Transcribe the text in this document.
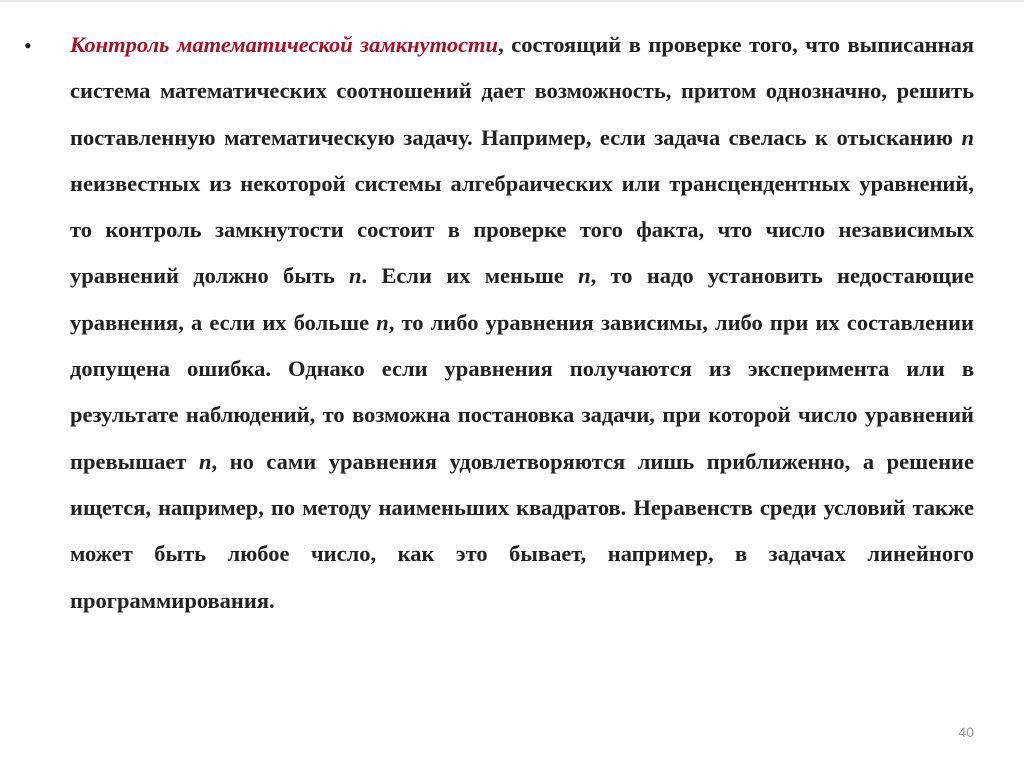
• Контроль математической замкнутости, состоящий в проверке того, что выписанная система математических соотношений дает возможность, притом однозначно, решить поставленную математическую задачу. Например, если задача свелась к отысканию n неизвестных из некоторой системы алгебраических или трансцендентных уравнений, то контроль замкнутости состоит в проверке того факта, что число независимых уравнений должно быть n. Если их меньше n, то надо установить недостающие уравнения, а если их больше n, то либо уравнения зависимы, либо при их составлении допущена ошибка. Однако если уравнения получаются из эксперимента или в результате наблюдений, то возможна постановка задачи, при которой число уравнений превышает n, но сами уравнения удовлетворяются лишь приближенно, а решение ищется, например, по методу наименьших квадратов. Неравенств среди условий также может быть любое число, как это бывает, например, в задачах линейного программирования.

40
